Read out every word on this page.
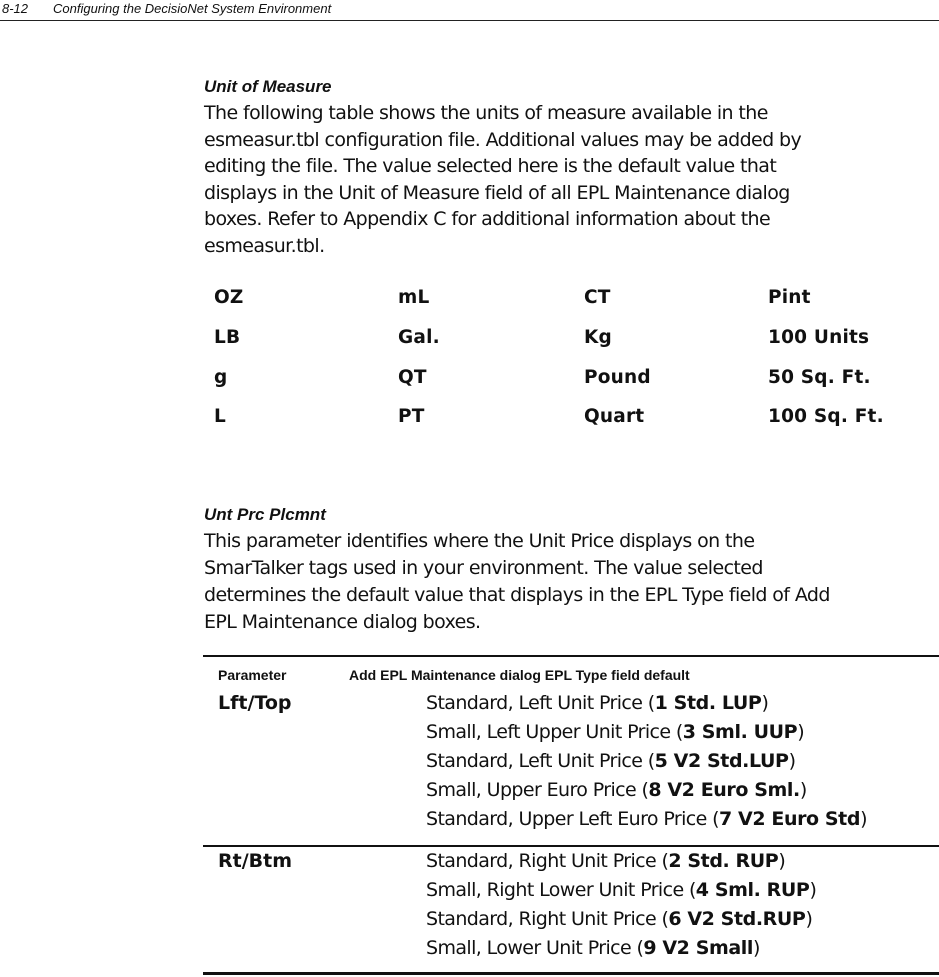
8-12 Configuring the DecisioNet System Environment
Unit of Measure
The following table shows the units of measure available in the
esmeasur.tbl configuration file. Additional values may be added by
editing the file. The value selected here is the default value that
displays in the Unit of Measure field of all EPL Maintenance dialog
boxes. Refer to Appendix C for additional information about the
esmeasur.tbl.
OZ	mL	CT	Pint
LB	Gal.	Kg	100 Units
g	QT	Pound	50 Sq. Ft.
L	PT	Quart	100 Sq. Ft.
Unt Prc Plcmnt
This parameter identifies where the Unit Price displays on the
SmarTalker tags used in your environment. The value selected
determines the default value that displays in the EPL Type field of Add
EPL Maintenance dialog boxes.
Parameter	Add EPL Maintenance dialog EPL Type field default
Lft/Top	Standard, Left Unit Price (1 Std. LUP)
Small, Left Upper Unit Price (3 Sml. UUP)
Standard, Left Unit Price (5 V2 Std.LUP)
Small, Upper Euro Price (8 V2 Euro Sml.)
Standard, Upper Left Euro Price (7 V2 Euro Std)
Rt/Btm	Standard, Right Unit Price (2 Std. RUP)
Small, Right Lower Unit Price (4 Sml. RUP)
Standard, Right Unit Price (6 V2 Std.RUP)
Small, Lower Unit Price (9 V2 Small)
